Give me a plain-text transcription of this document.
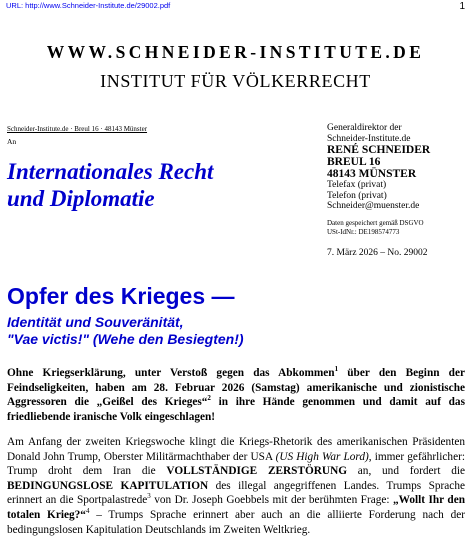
URL: http://www.Schneider-Institute.de/29002.pdf	1
WWW.SCHNEIDER-INSTITUTE.DE
INSTITUT FÜR VÖLKERRECHT
Schneider-Institute.de · Breul 16 · 48143 Münster
An
Internationales Recht
und Diplomatie
Generaldirektor der
Schneider-Institute.de
RENÉ SCHNEIDER
BREUL 16
48143 MÜNSTER
Telefax (privat)
Telefon (privat)
Schneider@muenster.de
Daten gespeichert gemäß DSGVO
USt-IdNr.: DE198574773
7. März 2026 – No. 29002
Opfer des Krieges —
Identität und Souveränität,
"Vae victis!" (Wehe den Besiegten!)
Ohne Kriegserklärung, unter Verstoß gegen das Abkommen$^1$ über den Beginn der Feindseligkeiten, haben am 28. Februar 2026 (Samstag) amerikanische und zionistische Aggressoren die „Geißel des Krieges“$^2$ in ihre Hände genommen und damit auf das friedliebende iranische Volk eingeschlagen!
Am Anfang der zweiten Kriegswoche klingt die Kriegs-Rhetorik des amerikanischen Präsidenten Donald John Trump, Oberster Militärmachthaber der USA (US High War Lord), immer gefährlicher: Trump droht dem Iran die VOLLSTÄNDIGE ZERSTÖRUNG an, und fordert die BEDINGUNGSLOSE KAPITULATION des illegal angegriffenen Landes. Trumps Sprache erinnert an die Sportpalastrede$^3$ von Dr. Joseph Goebbels mit der berühmten Frage: „Wollt Ihr den totalen Krieg?“$^4$ – Trumps Sprache erinnert aber auch an die alliierte Forderung nach der bedingungslosen Kapitulation Deutschlands im Zweiten Weltkrieg.
